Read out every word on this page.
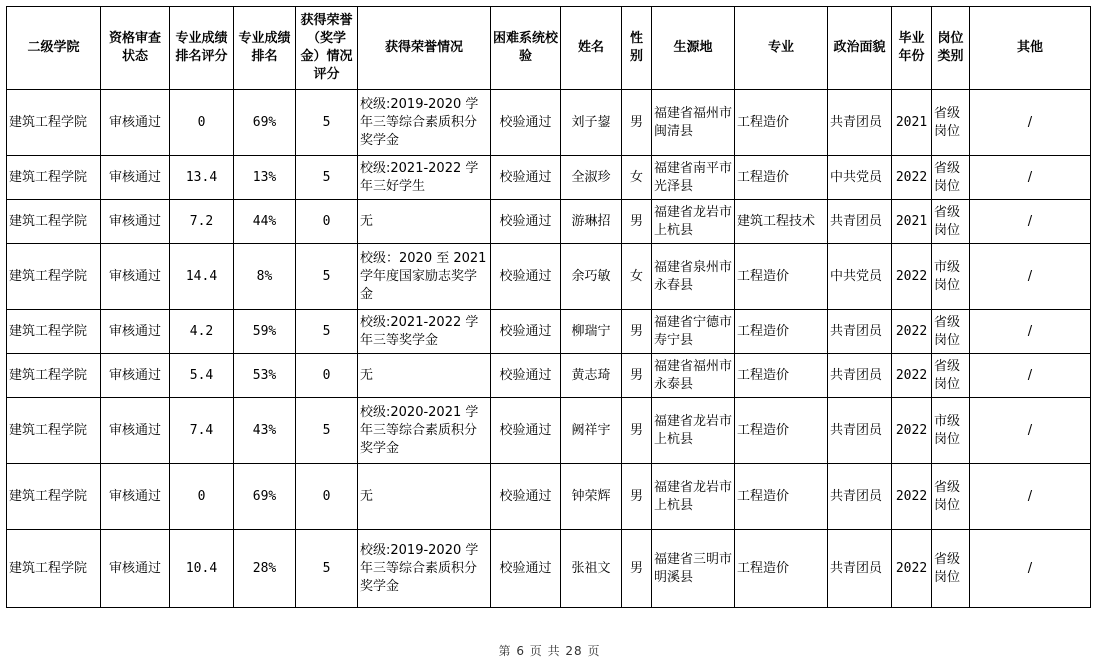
二级学院	资格审查状态	专业成绩排名评分	专业成绩排名	获得荣誉（奖学金）情况评分	获得荣誉情况	困难系统校验	姓名	性别	生源地	专业	政治面貌	毕业年份	岗位类别	其他
建筑工程学院	审核通过	0	69%	5	校级:2019-2020 学年三等综合素质积分奖学金	校验通过	刘子鋆	男	福建省福州市闽清县	工程造价	共青团员	2021	省级岗位	/
建筑工程学院	审核通过	13.4	13%	5	校级:2021-2022 学年三好学生	校验通过	全淑珍	女	福建省南平市光泽县	工程造价	中共党员	2022	省级岗位	/
建筑工程学院	审核通过	7.2	44%	0	无	校验通过	游琳招	男	福建省龙岩市上杭县	建筑工程技术	共青团员	2021	省级岗位	/
建筑工程学院	审核通过	14.4	8%	5	校级：2020 至 2021 学年度国家励志奖学金	校验通过	余巧敏	女	福建省泉州市永春县	工程造价	中共党员	2022	市级岗位	/
建筑工程学院	审核通过	4.2	59%	5	校级:2021-2022 学年三等奖学金	校验通过	柳瑞宁	男	福建省宁德市寿宁县	工程造价	共青团员	2022	省级岗位	/
建筑工程学院	审核通过	5.4	53%	0	无	校验通过	黄志琦	男	福建省福州市永泰县	工程造价	共青团员	2022	省级岗位	/
建筑工程学院	审核通过	7.4	43%	5	校级:2020-2021 学年三等综合素质积分奖学金	校验通过	阙祥宇	男	福建省龙岩市上杭县	工程造价	共青团员	2022	市级岗位	/
建筑工程学院	审核通过	0	69%	0	无	校验通过	钟荣辉	男	福建省龙岩市上杭县	工程造价	共青团员	2022	省级岗位	/
建筑工程学院	审核通过	10.4	28%	5	校级:2019-2020 学年三等综合素质积分奖学金	校验通过	张祖文	男	福建省三明市明溪县	工程造价	共青团员	2022	省级岗位	/
第 6 页 共 28 页
